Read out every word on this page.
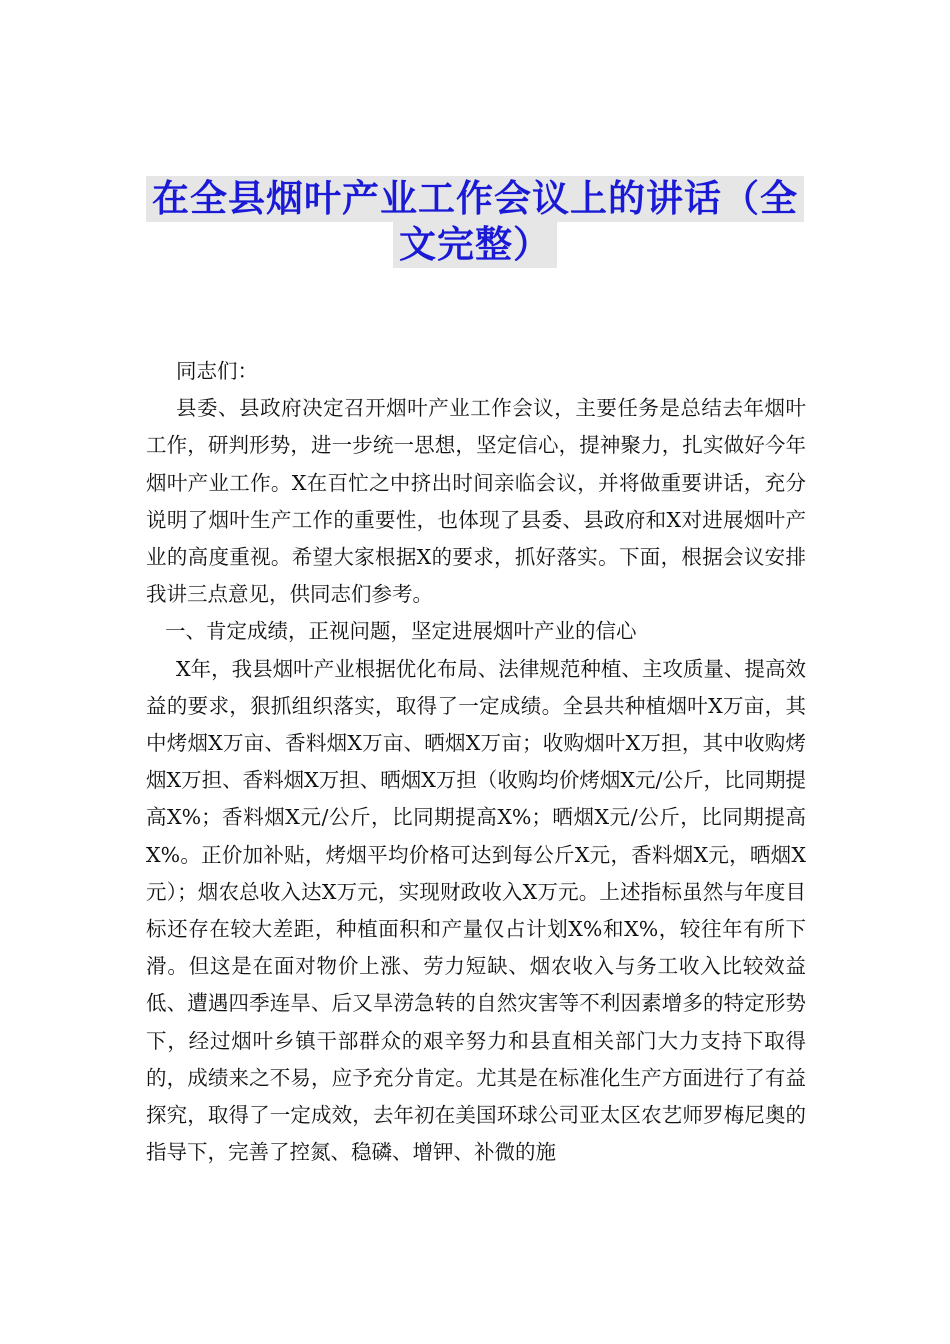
在全县烟叶产业工作会议上的讲话（全
文完整）

同志们：

县委、县政府决定召开烟叶产业工作会议，主要任务是总结去年烟叶工作，研判形势，进一步统一思想，坚定信心，提神聚力，扎实做好今年烟叶产业工作。X在百忙之中挤出时间亲临会议，并将做重要讲话，充分说明了烟叶生产工作的重要性，也体现了县委、县政府和X对进展烟叶产业的高度重视。希望大家根据X的要求，抓好落实。下面，根据会议安排我讲三点意见，供同志们参考。

一、肯定成绩，正视问题，坚定进展烟叶产业的信心

X年，我县烟叶产业根据优化布局、法律规范种植、主攻质量、提高效益的要求，狠抓组织落实，取得了一定成绩。全县共种植烟叶X万亩，其中烤烟X万亩、香料烟X万亩、晒烟X万亩；收购烟叶X万担，其中收购烤烟X万担、香料烟X万担、晒烟X万担（收购均价烤烟X元/公斤，比同期提高X%；香料烟X元/公斤，比同期提高X%；晒烟X元/公斤，比同期提高X%。正价加补贴，烤烟平均价格可达到每公斤X元，香料烟X元，晒烟X元）；烟农总收入达X万元，实现财政收入X万元。上述指标虽然与年度目标还存在较大差距，种植面积和产量仅占计划X%和X%，较往年有所下滑。但这是在面对物价上涨、劳力短缺、烟农收入与务工收入比较效益低、遭遇四季连旱、后又旱涝急转的自然灾害等不利因素增多的特定形势下，经过烟叶乡镇干部群众的艰辛努力和县直相关部门大力支持下取得的，成绩来之不易，应予充分肯定。尤其是在标准化生产方面进行了有益探究，取得了一定成效，去年初在美国环球公司亚太区农艺师罗梅尼奥的指导下，完善了控氮、稳磷、增钾、补微的施
